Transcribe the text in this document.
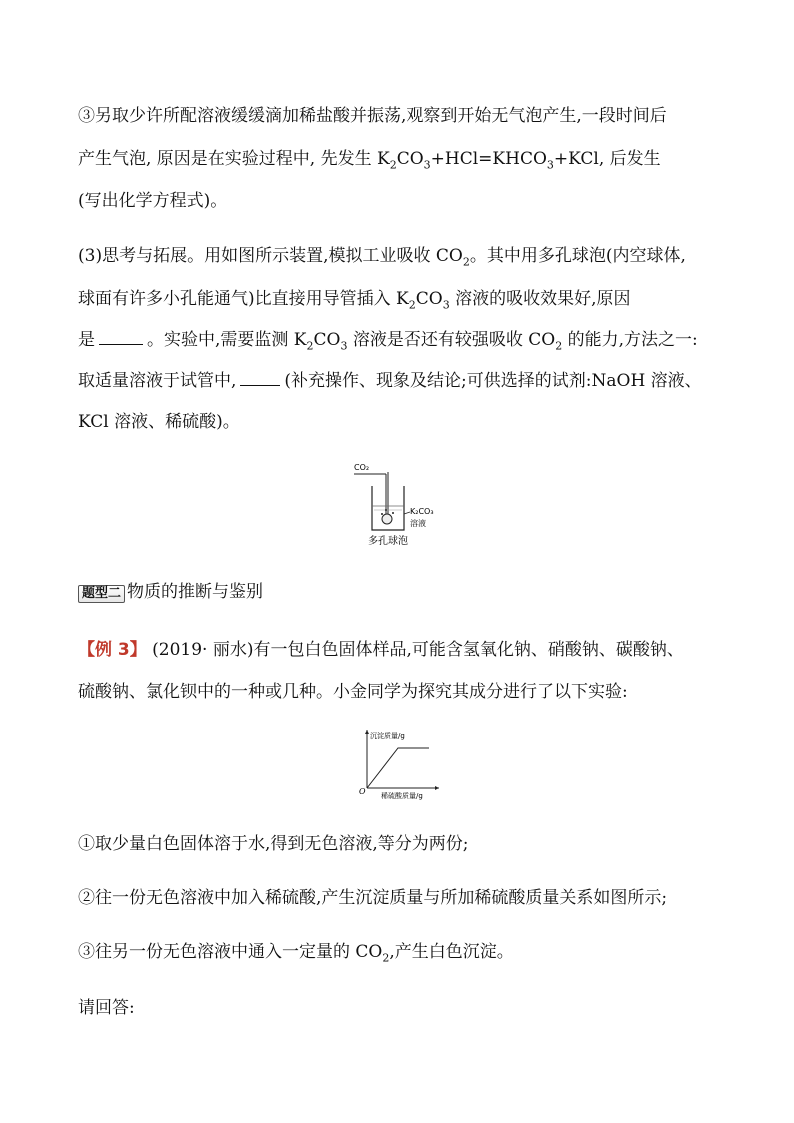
③另取少许所配溶液缓缓滴加稀盐酸并振荡,观察到开始无气泡产生,一段时间后
产生气泡, 原因是在实验过程中, 先发生 $K_2CO_3+HCl=KHCO_3+KCl$, 后发生
(写出化学方程式)。
(3)思考与拓展。用如图所示装置,模拟工业吸收 $CO_2$。其中用多孔球泡(内空球体,
球面有许多小孔能通气)比直接用导管插入 $K_2CO_3$ 溶液的吸收效果好,原因
是	。实验中,需要监测 $K_2CO_3$ 溶液是否还有较强吸收 $CO_2$ 的能力,方法之一:
取适量溶液于试管中,	(补充操作、现象及结论;可供选择的试剂:NaOH 溶液、
KCl 溶液、稀硫酸)。
CO₂
K₂CO₃
溶液
多孔球泡
题型二 物质的推断与鉴别
【例 3】 (2019· 丽水)有一包白色固体样品,可能含氢氧化钠、硝酸钠、碳酸钠、
硫酸钠、氯化钡中的一种或几种。小金同学为探究其成分进行了以下实验:
沉淀质量/g
稀硫酸质量/g
O
①取少量白色固体溶于水,得到无色溶液,等分为两份;
②往一份无色溶液中加入稀硫酸,产生沉淀质量与所加稀硫酸质量关系如图所示;
③往另一份无色溶液中通入一定量的 $CO_2$,产生白色沉淀。
请回答:
